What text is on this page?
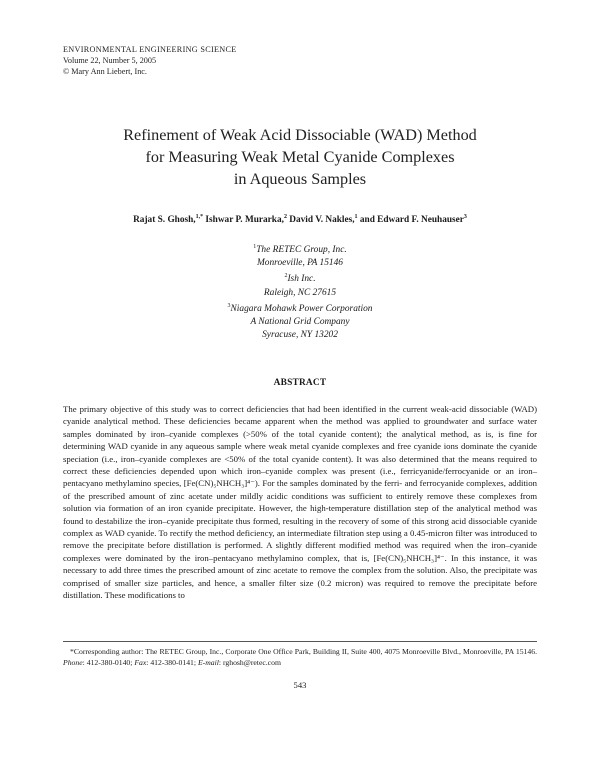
ENVIRONMENTAL ENGINEERING SCIENCE
Volume 22, Number 5, 2005
© Mary Ann Liebert, Inc.
Refinement of Weak Acid Dissociable (WAD) Method
for Measuring Weak Metal Cyanide Complexes
in Aqueous Samples
Rajat S. Ghosh,$^{1,*}$ Ishwar P. Murarka,$^2$ David V. Nakles,$^1$ and Edward F. Neuhauser$^3$
$^1$The RETEC Group, Inc.
Monroeville, PA 15146
$^2$Ish Inc.
Raleigh, NC 27615
$^3$Niagara Mohawk Power Corporation
A National Grid Company
Syracuse, NY 13202
ABSTRACT
The primary objective of this study was to correct deficiencies that had been identified in the current weak-acid dissociable (WAD) cyanide analytical method. These deficiencies became apparent when the method was applied to groundwater and surface water samples dominated by iron–cyanide complexes (>50% of the total cyanide content); the analytical method, as is, is fine for determining WAD cyanide in any aqueous sample where weak metal cyanide complexes and free cyanide ions dominate the cyanide speciation (i.e., iron–cyanide complexes are <50% of the total cyanide content). It was also determined that the means required to correct these deficiencies depended upon which iron–cyanide complex was present (i.e., ferricyanide/ferrocyanide or an iron–pentacyano methylamino species, [Fe(CN)₅NHCH₃]⁴⁻). For the samples dominated by the ferri- and ferrocyanide complexes, addition of the prescribed amount of zinc acetate under mildly acidic conditions was sufficient to entirely remove these complexes from solution via formation of an iron cyanide precipitate. However, the high-temperature distillation step of the analytical method was found to destabilize the iron–cyanide precipitate thus formed, resulting in the recovery of some of this strong acid dissociable cyanide complex as WAD cyanide. To rectify the method deficiency, an intermediate filtration step using a 0.45-micron filter was introduced to remove the precipitate before distillation is performed. A slightly different modified method was required when the iron–cyanide complexes were dominated by the iron–pentacyano methylamino complex, that is, [Fe(CN)₅NHCH₃]⁴⁻. In this instance, it was necessary to add three times the prescribed amount of zinc acetate to remove the complex from the solution. Also, the precipitate was comprised of smaller size particles, and hence, a smaller filter size (0.2 micron) was required to remove the precipitate before distillation. These modifications to
*Corresponding author: The RETEC Group, Inc., Corporate One Office Park, Building II, Suite 400, 4075 Monroeville Blvd., Monroeville, PA 15146. Phone: 412-380-0140; Fax: 412-380-0141; E-mail: rghosh@retec.com
543
